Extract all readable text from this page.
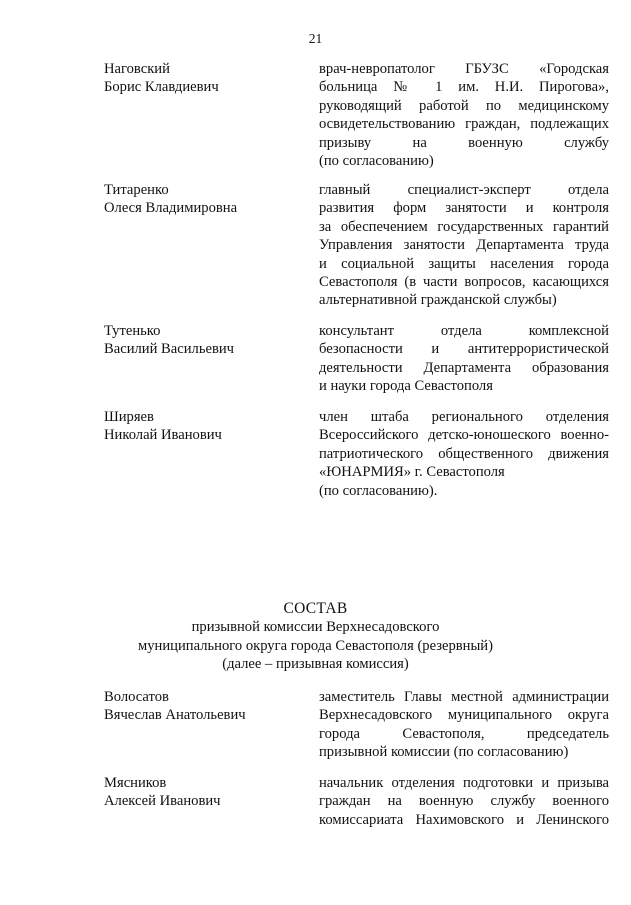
21
Наговский
Борис Клавдиевич
врач-невропатолог ГБУЗС «Городская
больница № 1 им. Н.И. Пирогова»,
руководящий работой по медицинскому
освидетельствованию граждан, подлежащих
призыву на военную службу
(по согласованию)
Титаренко
Олеся Владимировна
главный специалист-эксперт отдела
развития форм занятости и контроля
за обеспечением государственных гарантий
Управления занятости Департамента труда
и социальной защиты населения города
Севастополя (в части вопросов, касающихся
альтернативной гражданской службы)
Тутенько
Василий Васильевич
консультант отдела комплексной
безопасности и антитеррористической
деятельности Департамента образования
и науки города Севастополя
Ширяев
Николай Иванович
член штаба регионального отделения
Всероссийского детско-юношеского военно-
патриотического общественного движения
«ЮНАРМИЯ» г. Севастополя
(по согласованию).
СОСТАВ
призывной комиссии Верхнесадовского
муниципального округа города Севастополя (резервный)
(далее – призывная комиссия)
Волосатов
Вячеслав Анатольевич
заместитель Главы местной администрации
Верхнесадовского муниципального округа
города Севастополя, председатель
призывной комиссии (по согласованию)
Мясников
Алексей Иванович
начальник отделения подготовки и призыва
граждан на военную службу военного
комиссариата Нахимовского и Ленинского
